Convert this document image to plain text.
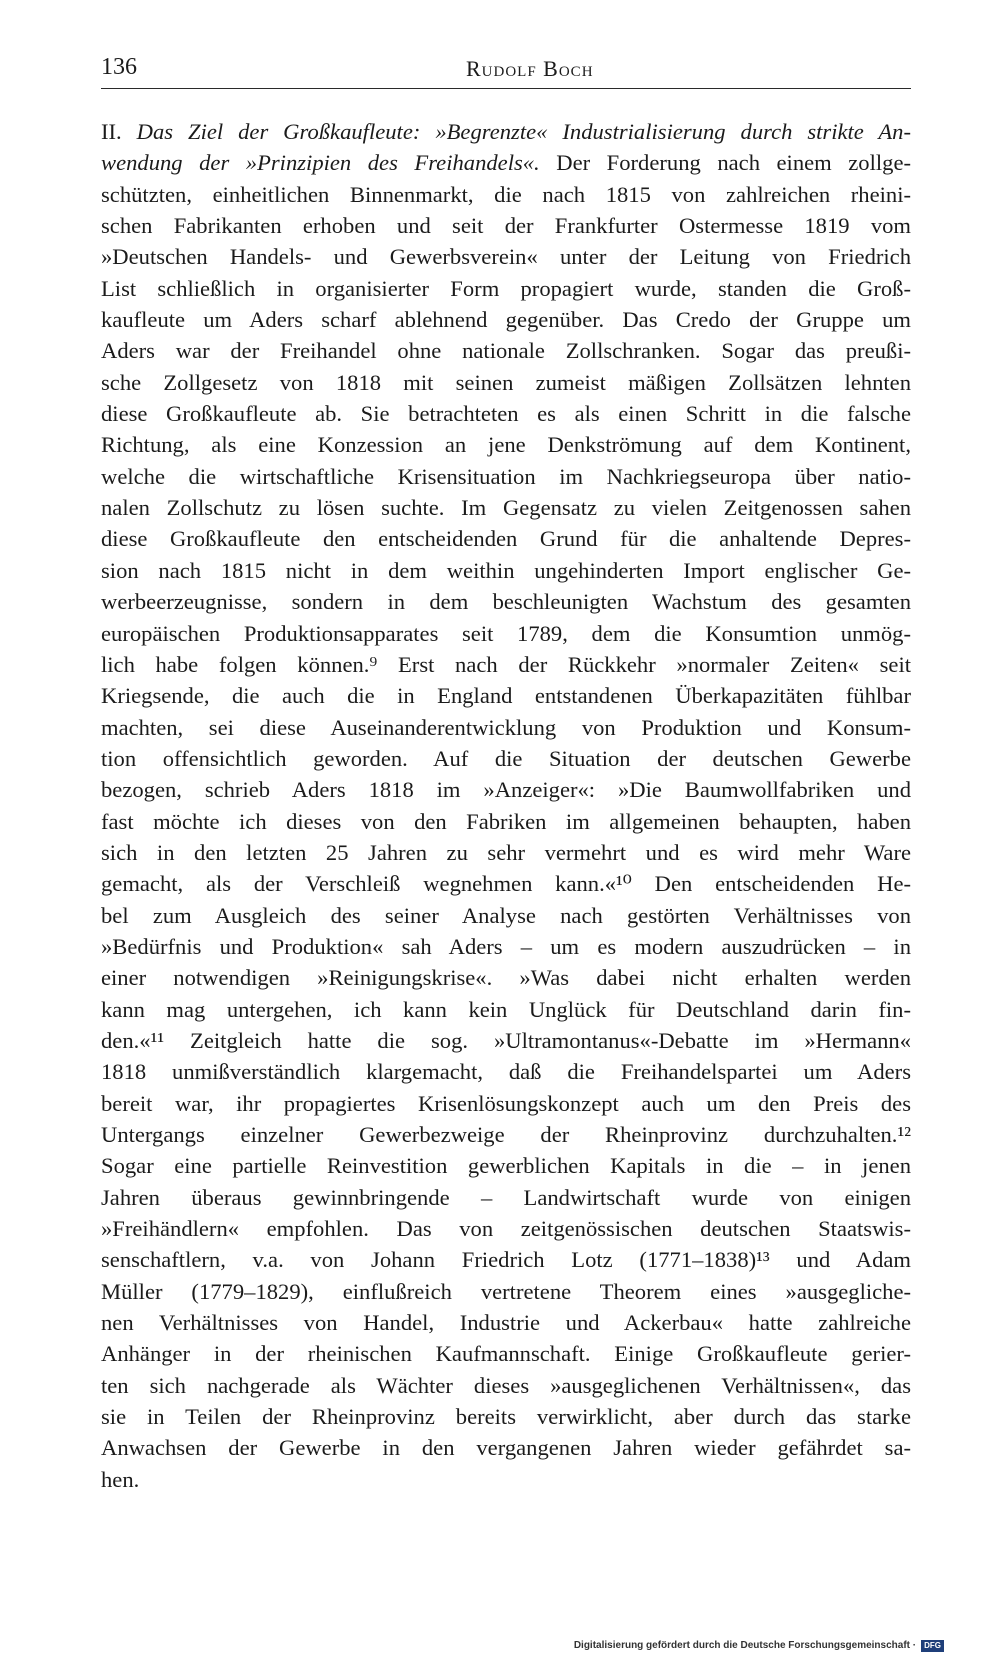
136	Rudolf Boch
II. Das Ziel der Großkaufleute: »Begrenzte« Industrialisierung durch strikte An-
wendung der »Prinzipien des Freihandels«. Der Forderung nach einem zollge-
schützten, einheitlichen Binnenmarkt, die nach 1815 von zahlreichen rheini-
schen Fabrikanten erhoben und seit der Frankfurter Ostermesse 1819 vom
»Deutschen Handels- und Gewerbsverein« unter der Leitung von Friedrich
List schließlich in organisierter Form propagiert wurde, standen die Groß-
kaufleute um Aders scharf ablehnend gegenüber. Das Credo der Gruppe um
Aders war der Freihandel ohne nationale Zollschranken. Sogar das preußi-
sche Zollgesetz von 1818 mit seinen zumeist mäßigen Zollsätzen lehnten
diese Großkaufleute ab. Sie betrachteten es als einen Schritt in die falsche
Richtung, als eine Konzession an jene Denkströmung auf dem Kontinent,
welche die wirtschaftliche Krisensituation im Nachkriegseuropa über natio-
nalen Zollschutz zu lösen suchte. Im Gegensatz zu vielen Zeitgenossen sahen
diese Großkaufleute den entscheidenden Grund für die anhaltende Depres-
sion nach 1815 nicht in dem weithin ungehinderten Import englischer Ge-
werbeerzeugnisse, sondern in dem beschleunigten Wachstum des gesamten
europäischen Produktionsapparates seit 1789, dem die Konsumtion unmög-
lich habe folgen können.⁹ Erst nach der Rückkehr »normaler Zeiten« seit
Kriegsende, die auch die in England entstandenen Überkapazitäten fühlbar
machten, sei diese Auseinanderentwicklung von Produktion und Konsum-
tion offensichtlich geworden. Auf die Situation der deutschen Gewerbe
bezogen, schrieb Aders 1818 im »Anzeiger«: »Die Baumwollfabriken und
fast möchte ich dieses von den Fabriken im allgemeinen behaupten, haben
sich in den letzten 25 Jahren zu sehr vermehrt und es wird mehr Ware
gemacht, als der Verschleiß wegnehmen kann.«¹⁰ Den entscheidenden He-
bel zum Ausgleich des seiner Analyse nach gestörten Verhältnisses von
»Bedürfnis und Produktion« sah Aders – um es modern auszudrücken – in
einer notwendigen »Reinigungskrise«. »Was dabei nicht erhalten werden
kann mag untergehen, ich kann kein Unglück für Deutschland darin fin-
den.«¹¹ Zeitgleich hatte die sog. »Ultramontanus«-Debatte im »Hermann«
1818 unmißverständlich klargemacht, daß die Freihandelspartei um Aders
bereit war, ihr propagiertes Krisenlösungskonzept auch um den Preis des
Untergangs einzelner Gewerbezweige der Rheinprovinz durchzuhalten.¹²
Sogar eine partielle Reinvestition gewerblichen Kapitals in die – in jenen
Jahren überaus gewinnbringende – Landwirtschaft wurde von einigen
»Freihändlern« empfohlen. Das von zeitgenössischen deutschen Staatswis-
senschaftlern, v.a. von Johann Friedrich Lotz (1771–1838)¹³ und Adam
Müller (1779–1829), einflußreich vertretene Theorem eines »ausgegliche-
nen Verhältnisses von Handel, Industrie und Ackerbau« hatte zahlreiche
Anhänger in der rheinischen Kaufmannschaft. Einige Großkaufleute gerier-
ten sich nachgerade als Wächter dieses »ausgeglichenen Verhältnissen«, das
sie in Teilen der Rheinprovinz bereits verwirklicht, aber durch das starke
Anwachsen der Gewerbe in den vergangenen Jahren wieder gefährdet sa-
hen.
Digitalisierung gefördert durch die Deutsche Forschungsgemeinschaft ·	DFG
